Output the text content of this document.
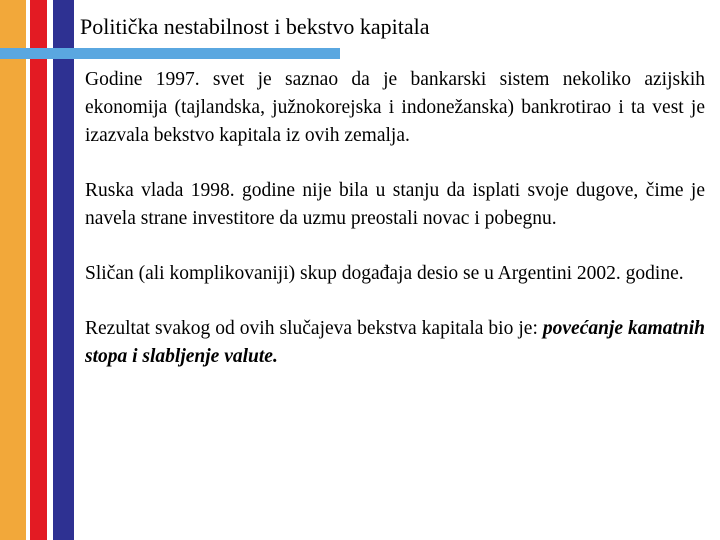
Politička nestabilnost i bekstvo kapitala

Godine 1997. svet je saznao da je bankarski sistem nekoliko azijskih ekonomija (tajlandska, južnokorejska i indonežanska) bankrotirao i ta vest je izazvala bekstvo kapitala iz ovih zemalja.

Ruska vlada 1998. godine nije bila u stanju da isplati svoje dugove, čime je navela strane investitore da uzmu preostali novac i pobegnu.

Sličan (ali komplikovaniji) skup događaja desio se u Argentini 2002. godine.

Rezultat svakog od ovih slučajeva bekstva kapitala bio je: povećanje kamatnih stopa i slabljenje valute.
